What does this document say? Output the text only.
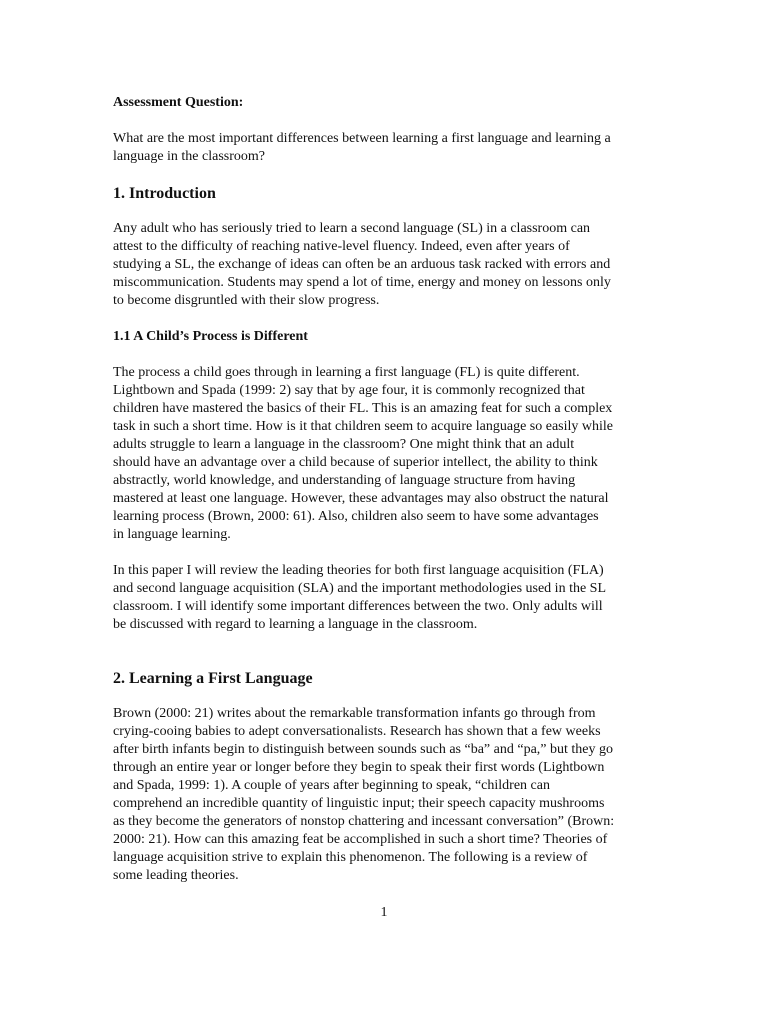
Assessment Question:

What are the most important differences between learning a first language and learning a
language in the classroom?

1. Introduction

Any adult who has seriously tried to learn a second language (SL) in a classroom can
attest to the difficulty of reaching native-level fluency. Indeed, even after years of
studying a SL, the exchange of ideas can often be an arduous task racked with errors and
miscommunication. Students may spend a lot of time, energy and money on lessons only
to become disgruntled with their slow progress.

1.1 A Child’s Process is Different

The process a child goes through in learning a first language (FL) is quite different.
Lightbown and Spada (1999: 2) say that by age four, it is commonly recognized that
children have mastered the basics of their FL. This is an amazing feat for such a complex
task in such a short time. How is it that children seem to acquire language so easily while
adults struggle to learn a language in the classroom? One might think that an adult
should have an advantage over a child because of superior intellect, the ability to think
abstractly, world knowledge, and understanding of language structure from having
mastered at least one language. However, these advantages may also obstruct the natural
learning process (Brown, 2000: 61). Also, children also seem to have some advantages
in language learning.

In this paper I will review the leading theories for both first language acquisition (FLA)
and second language acquisition (SLA) and the important methodologies used in the SL
classroom. I will identify some important differences between the two. Only adults will
be discussed with regard to learning a language in the classroom.

2. Learning a First Language

Brown (2000: 21) writes about the remarkable transformation infants go through from
crying-cooing babies to adept conversationalists. Research has shown that a few weeks
after birth infants begin to distinguish between sounds such as “ba” and “pa,” but they go
through an entire year or longer before they begin to speak their first words (Lightbown
and Spada, 1999: 1). A couple of years after beginning to speak, “children can
comprehend an incredible quantity of linguistic input; their speech capacity mushrooms
as they become the generators of nonstop chattering and incessant conversation” (Brown:
2000: 21). How can this amazing feat be accomplished in such a short time? Theories of
language acquisition strive to explain this phenomenon. The following is a review of
some leading theories.

1
